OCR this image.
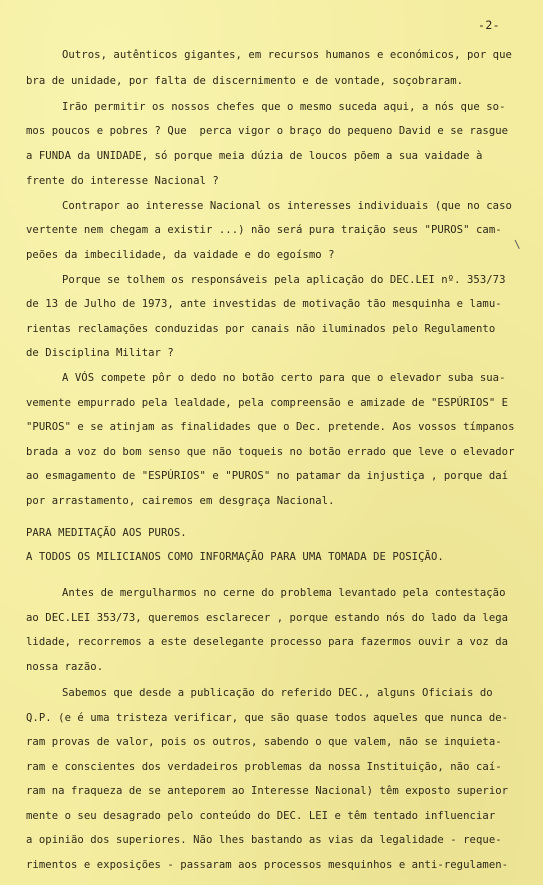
-2-
Outros, autênticos gigantes, em recursos humanos e económicos, por que
bra de unidade, por falta de discernimento e de vontade, soçobraram.
Irão permitir os nossos chefes que o mesmo suceda aqui, a nós que so-
mos poucos e pobres ? Que  perca vigor o braço do pequeno David e se rasgue
a FUNDA da UNIDADE, só porque meia dúzia de loucos põem a sua vaidade à
frente do interesse Nacional ?
Contrapor ao interesse Nacional os interesses individuais (que no caso
vertente nem chegam a existir ...) não será pura traição seus "PUROS" cam-
peões da imbecilidade, da vaidade e do egoísmo ?
\
Porque se tolhem os responsáveis pela aplicação do DEC.LEI nº. 353/73
de 13 de Julho de 1973, ante investidas de motivação tão mesquinha e lamu-
rientas reclamações conduzidas por canais não iluminados pelo Regulamento
de Disciplina Militar ?
A VÓS compete pôr o dedo no botão certo para que o elevador suba sua-
vemente empurrado pela lealdade, pela compreensão e amizade de "ESPÚRIOS" E
"PUROS" e se atinjam as finalidades que o Dec. pretende. Aos vossos tímpanos
brada a voz do bom senso que não toqueis no botão errado que leve o elevador
ao esmagamento de "ESPÚRIOS" e "PUROS" no patamar da injustiça , porque daí
por arrastamento, cairemos em desgraça Nacional.
PARA MEDITAÇÃO AOS PUROS.
A TODOS OS MILICIANOS COMO INFORMAÇÃO PARA UMA TOMADA DE POSIÇÃO.
Antes de mergulharmos no cerne do problema levantado pela contestação
ao DEC.LEI 353/73, queremos esclarecer , porque estando nós do lado da lega
lidade, recorremos a este deselegante processo para fazermos ouvir a voz da
nossa razão.
Sabemos que desde a publicação do referido DEC., alguns Oficiais do
Q.P. (e é uma tristeza verificar, que são quase todos aqueles que nunca de-
ram provas de valor, pois os outros, sabendo o que valem, não se inquieta-
ram e conscientes dos verdadeiros problemas da nossa Instituição, não caí-
ram na fraqueza de se anteporem ao Interesse Nacional) têm exposto superior
mente o seu desagrado pelo conteúdo do DEC. LEI e têm tentado influenciar
a opinião dos superiores. Não lhes bastando as vias da legalidade - reque-
rimentos e exposições - passaram aos processos mesquinhos e anti-regulamen-
